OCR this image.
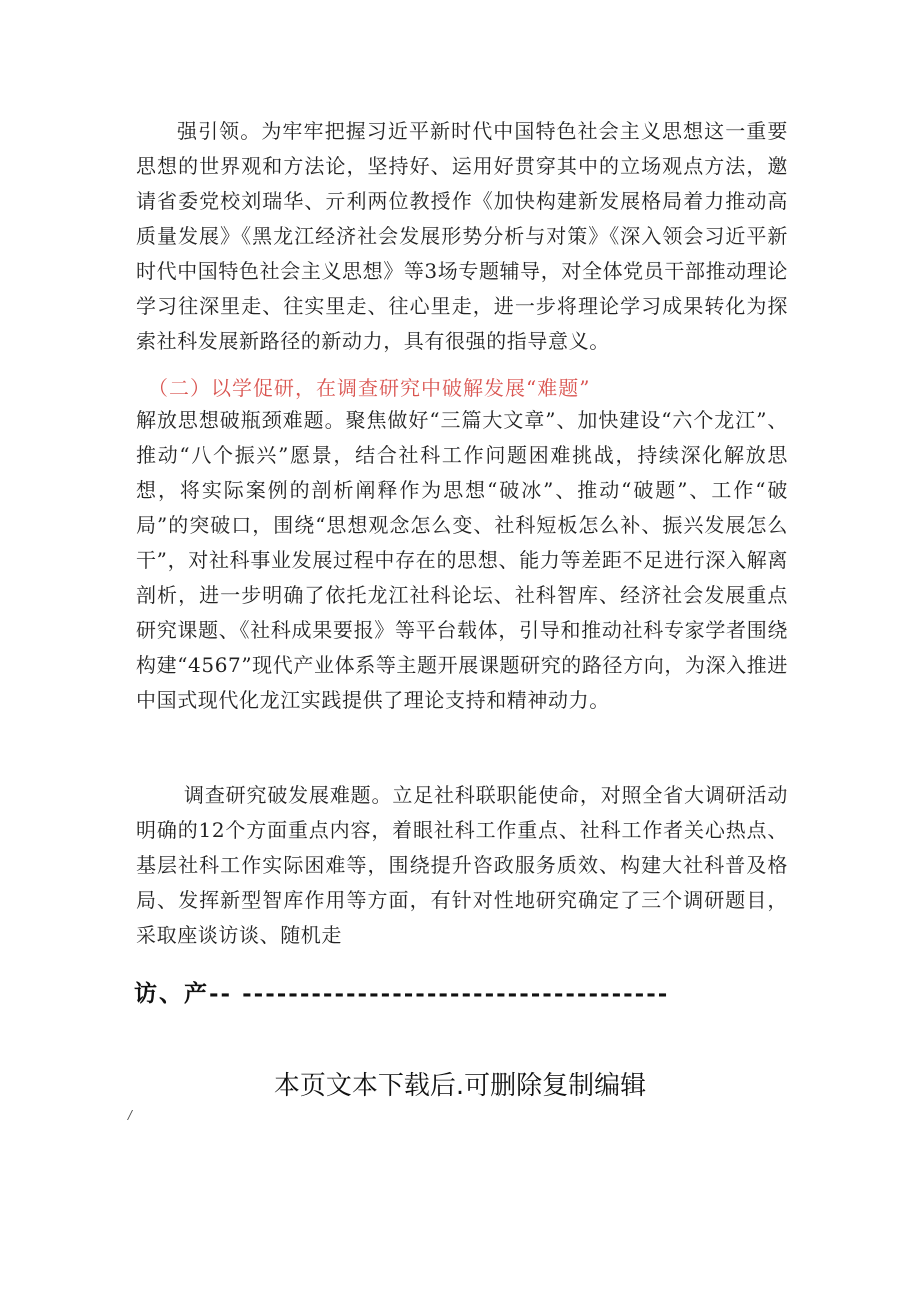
强引领。为牢牢把握习近平新时代中国特色社会主义思想这一重要思想的世界观和方法论，坚持好、运用好贯穿其中的立场观点方法，邀请省委党校刘瑞华、亓利两位教授作《加快构建新发展格局着力推动高质量发展》《黑龙江经济社会发展形势分析与对策》《深入领会习近平新时代中国特色社会主义思想》等3场专题辅导，对全体党员干部推动理论学习往深里走、往实里走、往心里走，进一步将理论学习成果转化为探索社科发展新路径的新动力，具有很强的指导意义。

（二）以学促研，在调查研究中破解发展“难题”

解放思想破瓶颈难题。聚焦做好“三篇大文章”、加快建设“六个龙江”、推动“八个振兴”愿景，结合社科工作问题困难挑战，持续深化解放思想，将实际案例的剖析阐释作为思想“破冰”、推动“破题”、工作“破局”的突破口，围绕“思想观念怎么变、社科短板怎么补、振兴发展怎么干”，对社科事业发展过程中存在的思想、能力等差距不足进行深入解离剖析，进一步明确了依托龙江社科论坛、社科智库、经济社会发展重点研究课题、《社科成果要报》等平台载体，引导和推动社科专家学者围绕构建“4567”现代产业体系等主题开展课题研究的路径方向，为深入推进中国式现代化龙江实践提供了理论支持和精神动力。

调查研究破发展难题。立足社科联职能使命，对照全省大调研活动明确的12个方面重点内容，着眼社科工作重点、社科工作者关心热点、基层社科工作实际困难等，围绕提升咨政服务质效、构建大社科普及格局、发挥新型智库作用等方面，有针对性地研究确定了三个调研题目，采取座谈访谈、随机走

访、产-- -------------------------------------

本页文本下载后.可删除复制编辑

/
